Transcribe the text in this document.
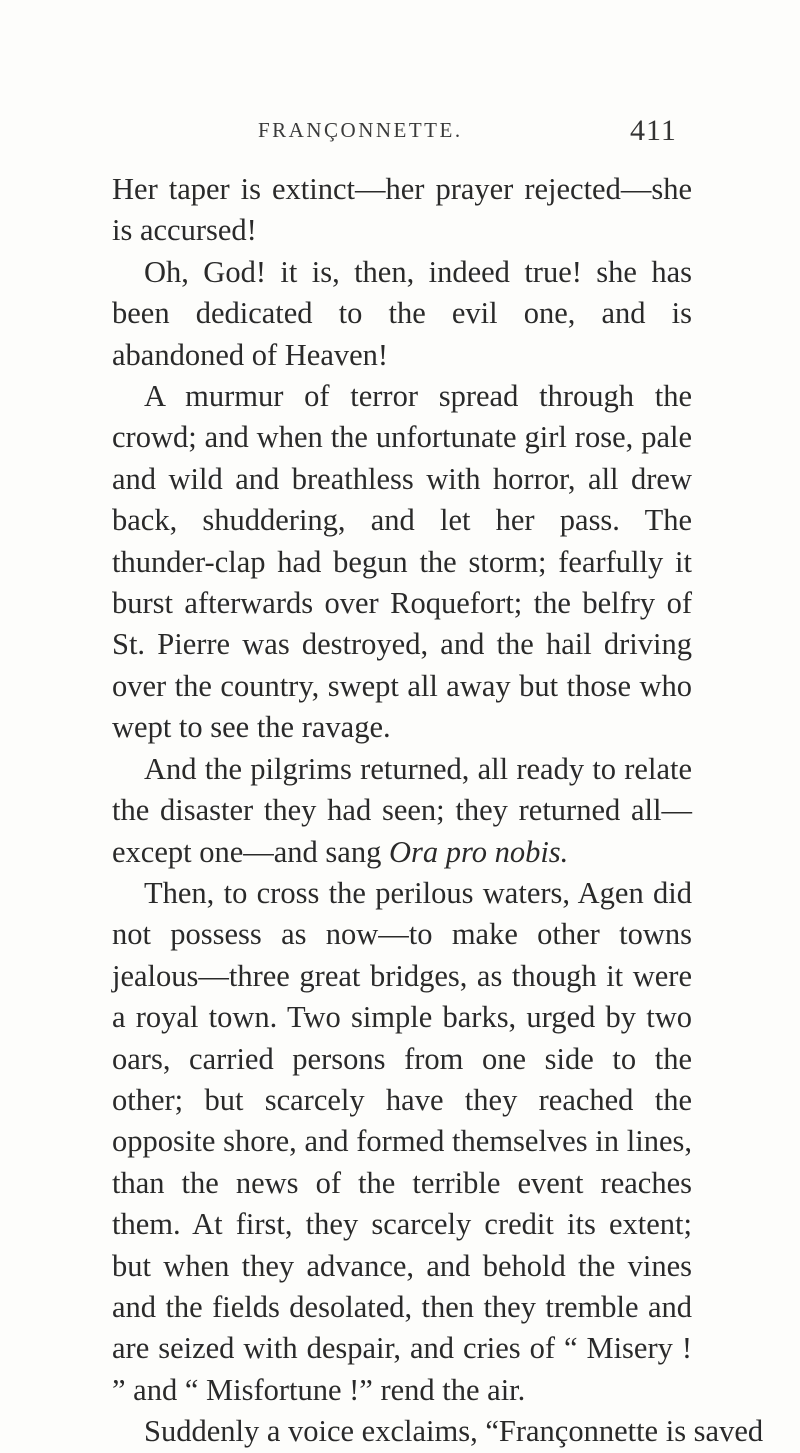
FRANÇONNETTE.	411

Her taper is extinct—her prayer rejected—she is accursed!

Oh, God! it is, then, indeed true! she has been dedicated to the evil one, and is abandoned of Heaven!

A murmur of terror spread through the crowd; and when the unfortunate girl rose, pale and wild and breathless with horror, all drew back, shuddering, and let her pass. The thunder-clap had begun the storm; fearfully it burst afterwards over Roquefort; the belfry of St. Pierre was destroyed, and the hail driving over the country, swept all away but those who wept to see the ravage.

And the pilgrims returned, all ready to relate the disaster they had seen; they returned all—except one—and sang Ora pro nobis.

Then, to cross the perilous waters, Agen did not possess as now—to make other towns jealous—three great bridges, as though it were a royal town. Two simple barks, urged by two oars, carried persons from one side to the other; but scarcely have they reached the opposite shore, and formed themselves in lines, than the news of the terrible event reaches them. At first, they scarcely credit its extent; but when they advance, and behold the vines and the fields desolated, then they tremble and are seized with despair, and cries of “ Misery ! ” and “ Misfortune !” rend the air.

Suddenly a voice exclaims, “Françonnette is saved
